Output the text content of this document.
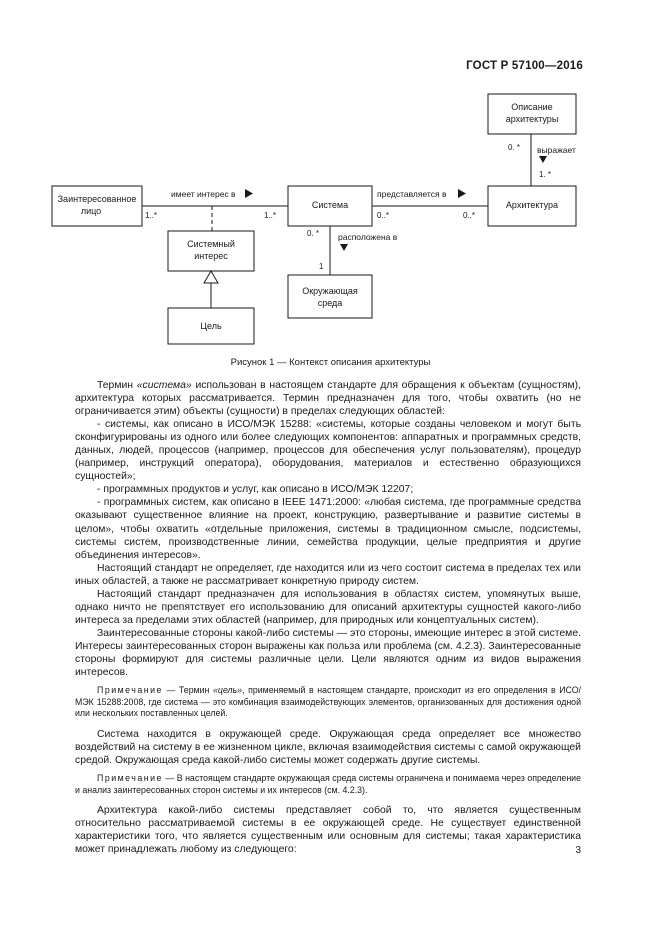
ГОСТ Р 57100—2016
Заинтересованное
лицо
Система	Архитектура
Описание
архитектуры
Системный
интерес
Цель
Окружающая
среда
имеет интерес в	представляется в
выражает
расположена в
1..*	1..*	0..*	0..*
0. *
1. *
0. *
1
Рисунок 1 — Контекст описания архитектуры

Термин «система» использован в настоящем стандарте для обращения к объектам (сущностям), архитектура которых рассматривается. Термин предназначен для того, чтобы охватить (но не ограничивается этим) объекты (сущности) в пределах следующих областей:

- системы, как описано в ИСО/МЭК 15288: «системы, которые созданы человеком и могут быть сконфигурированы из одного или более следующих компонентов: аппаратных и программных средств, данных, людей, процессов (например, процессов для обеспечения услуг пользователям), процедур (например, инструкций оператора), оборудования, материалов и естественно образующихся сущностей»;

- программных продуктов и услуг, как описано в ИСО/МЭК 12207;

- программных систем, как описано в IEEE 1471:2000: «любая система, где программные средства оказывают существенное влияние на проект, конструкцию, развертывание и развитие системы в целом», чтобы охватить «отдельные приложения, системы в традиционном смысле, подсистемы, системы систем, производственные линии, семейства продукции, целые предприятия и другие объединения интересов».

Настоящий стандарт не определяет, где находится или из чего состоит система в пределах тех или иных областей, а также не рассматривает конкретную природу систем.

Настоящий стандарт предназначен для использования в областях систем, упомянутых выше, однако ничто не препятствует его использованию для описаний архитектуры сущностей какого-либо интереса за пределами этих областей (например, для природных или концептуальных систем).

Заинтересованные стороны какой-либо системы — это стороны, имеющие интерес в этой системе. Интересы заинтересованных сторон выражены как польза или проблема (см. 4.2.3). Заинтересованные стороны формируют для системы различные цели. Цели являются одним из видов выражения интересов.

Примечание — Термин «цель», применяемый в настоящем стандарте, происходит из его определения в ИСО/МЭК 15288:2008, где система — это комбинация взаимодействующих элементов, организованных для достижения одной или нескольких поставленных целей.

Система находится в окружающей среде. Окружающая среда определяет все множество воздействий на систему в ее жизненном цикле, включая взаимодействия системы с самой окружающей средой. Окружающая среда какой-либо системы может содержать другие системы.

Примечание — В настоящем стандарте окружающая среда системы ограничена и понимаема через определение и анализ заинтересованных сторон системы и их интересов (см. 4.2.3).

Архитектура какой-либо системы представляет собой то, что является существенным относительно рассматриваемой системы в ее окружающей среде. Не существует единственной характеристики того, что является существенным или основным для системы; такая характеристика может принадлежать любому из следующего:	3
